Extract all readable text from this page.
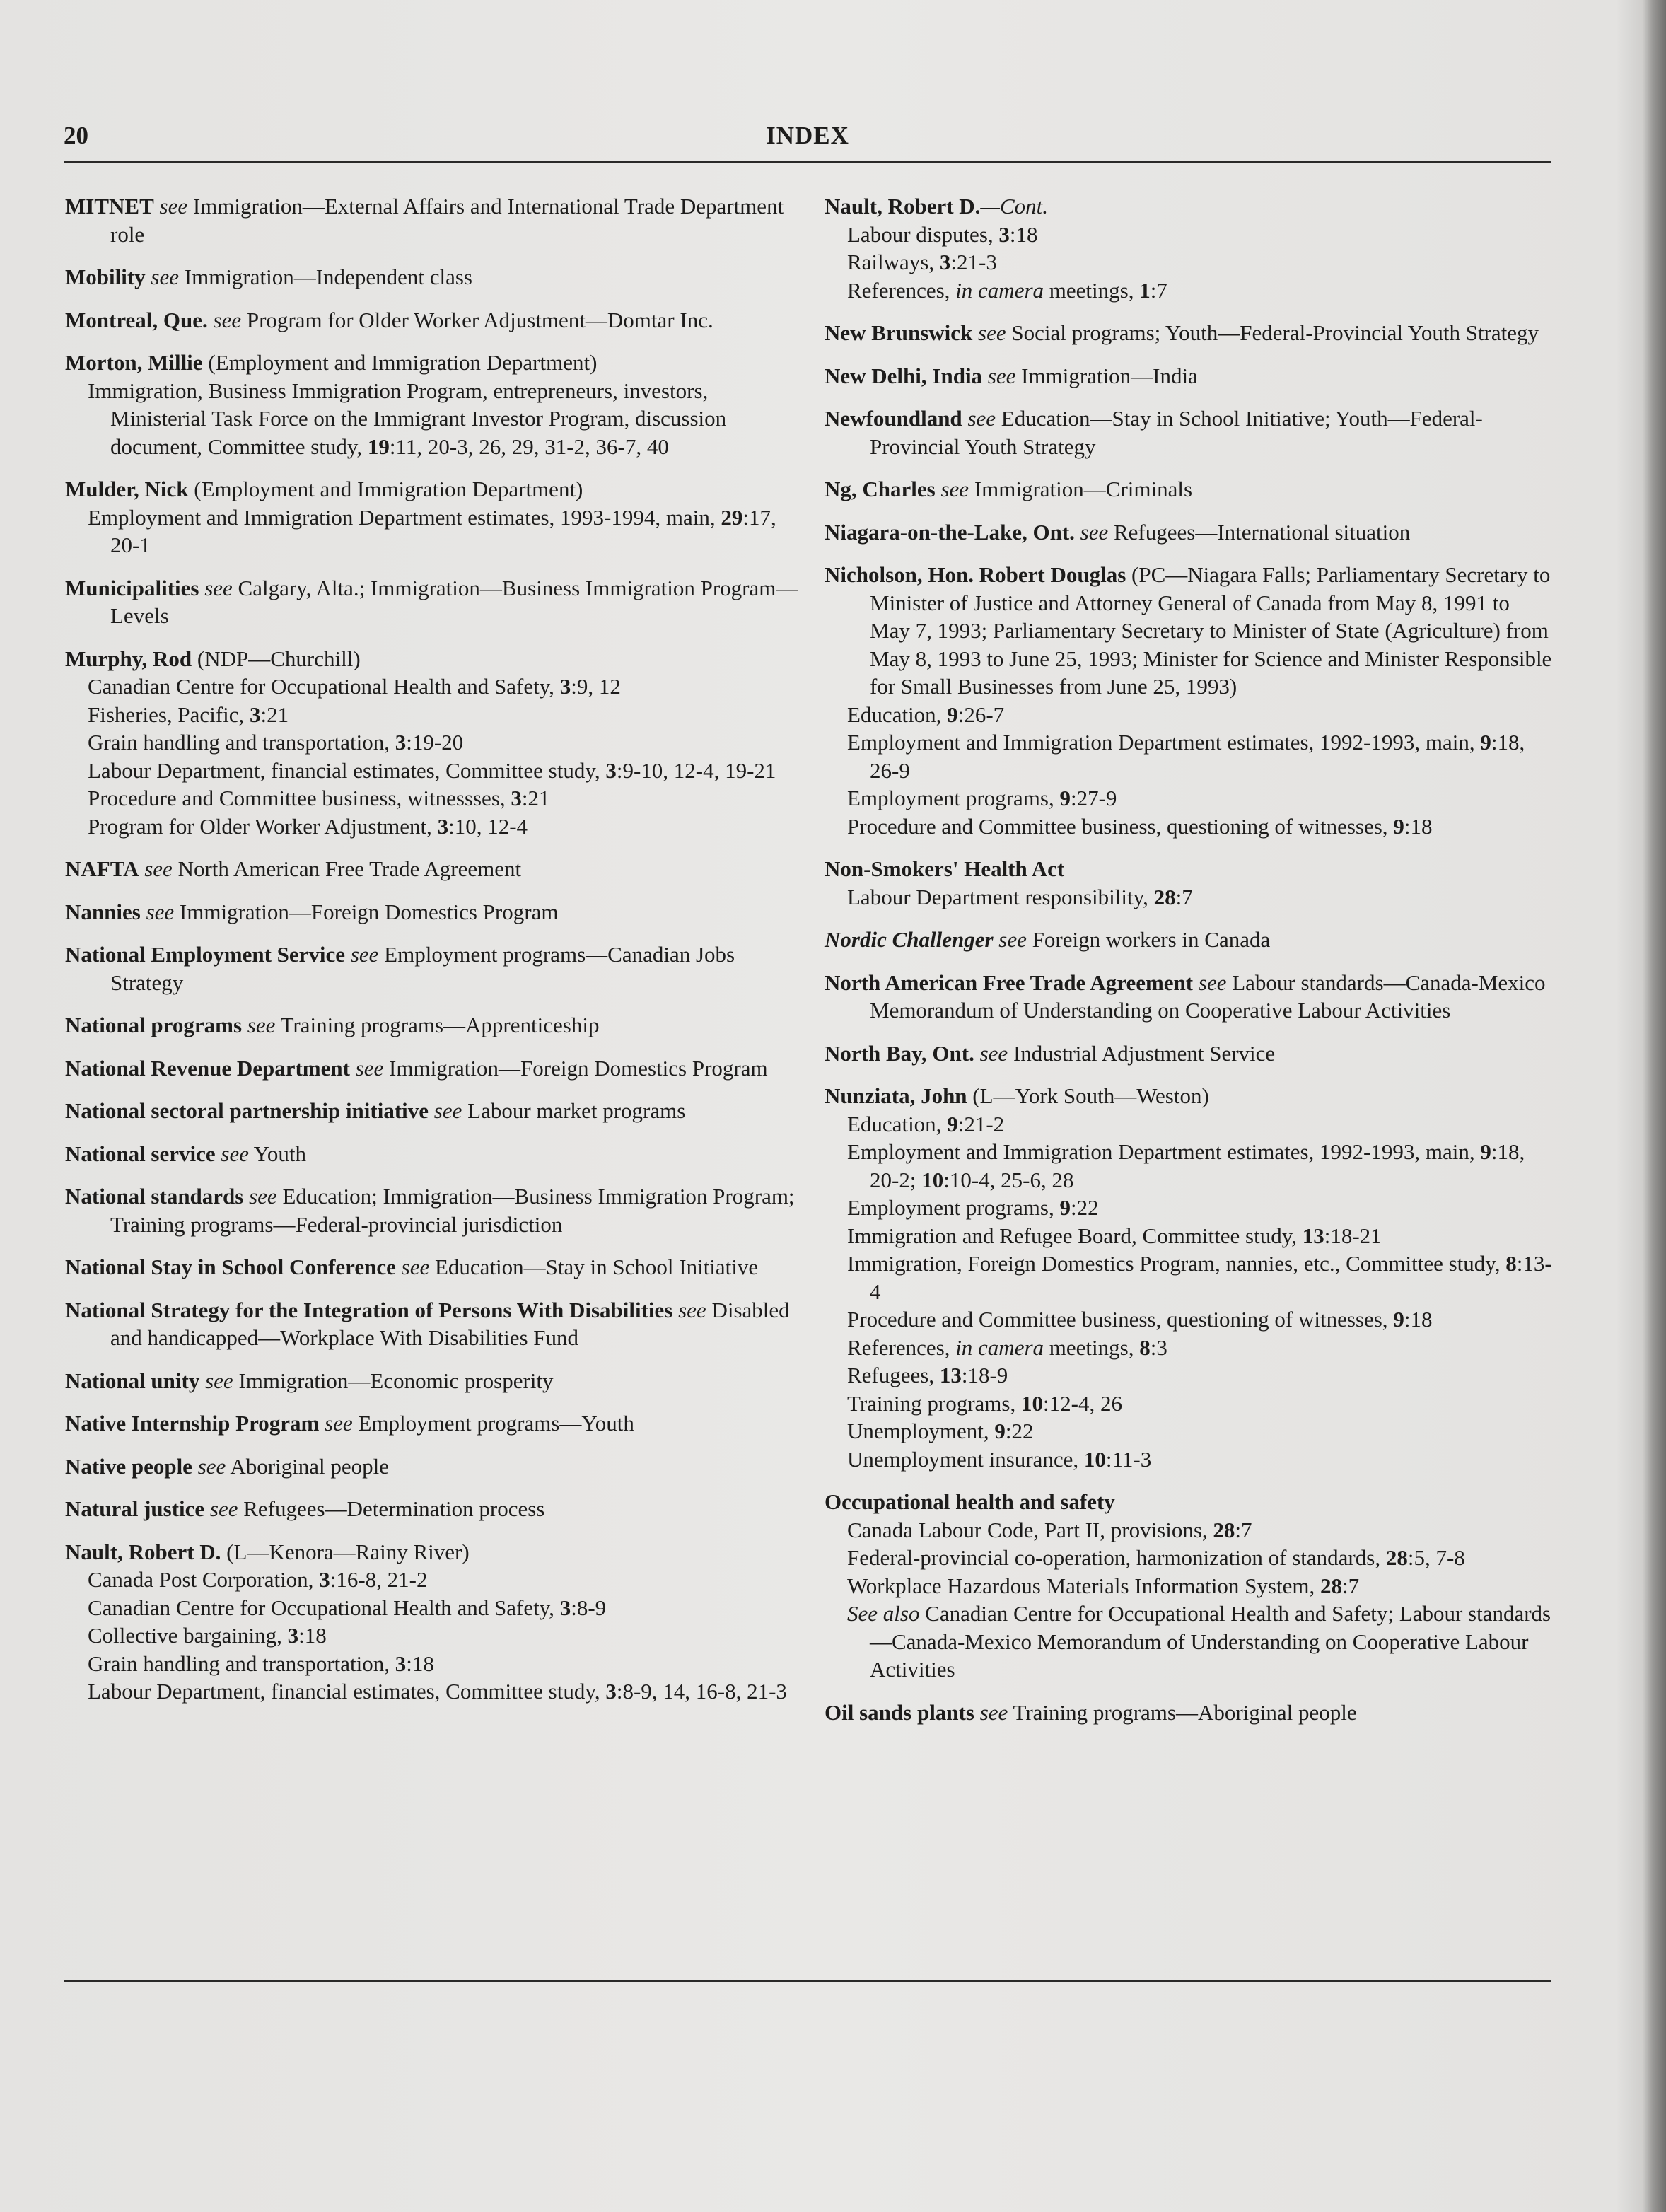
20	INDEX
MITNET see Immigration—External Affairs and International Trade Department role
Mobility see Immigration—Independent class
Montreal, Que. see Program for Older Worker Adjustment—Domtar Inc.
Morton, Millie (Employment and Immigration Department)
Immigration, Business Immigration Program, entrepreneurs, investors, Ministerial Task Force on the Immigrant Investor Program, discussion document, Committee study, 19:11, 20-3, 26, 29, 31-2, 36-7, 40
Mulder, Nick (Employment and Immigration Department)
Employment and Immigration Department estimates, 1993-1994, main, 29:17, 20-1
Municipalities see Calgary, Alta.; Immigration—Business Immigration Program—Levels
Murphy, Rod (NDP—Churchill)
Canadian Centre for Occupational Health and Safety, 3:9, 12
Fisheries, Pacific, 3:21
Grain handling and transportation, 3:19-20
Labour Department, financial estimates, Committee study, 3:9-10, 12-4, 19-21
Procedure and Committee business, witnessses, 3:21
Program for Older Worker Adjustment, 3:10, 12-4
NAFTA see North American Free Trade Agreement
Nannies see Immigration—Foreign Domestics Program
National Employment Service see Employment programs—Canadian Jobs Strategy
National programs see Training programs—Apprenticeship
National Revenue Department see Immigration—Foreign Domestics Program
National sectoral partnership initiative see Labour market programs
National service see Youth
National standards see Education; Immigration—Business Immigration Program; Training programs—Federal-provincial jurisdiction
National Stay in School Conference see Education—Stay in School Initiative
National Strategy for the Integration of Persons With Disabilities see Disabled and handicapped—Workplace With Disabilities Fund
National unity see Immigration—Economic prosperity
Native Internship Program see Employment programs—Youth
Native people see Aboriginal people
Natural justice see Refugees—Determination process
Nault, Robert D. (L—Kenora—Rainy River)
Canada Post Corporation, 3:16-8, 21-2
Canadian Centre for Occupational Health and Safety, 3:8-9
Collective bargaining, 3:18
Grain handling and transportation, 3:18
Labour Department, financial estimates, Committee study, 3:8-9, 14, 16-8, 21-3
Nault, Robert D.—Cont.
Labour disputes, 3:18
Railways, 3:21-3
References, in camera meetings, 1:7
New Brunswick see Social programs; Youth—Federal-Provincial Youth Strategy
New Delhi, India see Immigration—India
Newfoundland see Education—Stay in School Initiative; Youth—Federal-Provincial Youth Strategy
Ng, Charles see Immigration—Criminals
Niagara-on-the-Lake, Ont. see Refugees—International situation
Nicholson, Hon. Robert Douglas (PC—Niagara Falls; Parliamentary Secretary to Minister of Justice and Attorney General of Canada from May 8, 1991 to May 7, 1993; Parliamentary Secretary to Minister of State (Agriculture) from May 8, 1993 to June 25, 1993; Minister for Science and Minister Responsible for Small Businesses from June 25, 1993)
Education, 9:26-7
Employment and Immigration Department estimates, 1992-1993, main, 9:18, 26-9
Employment programs, 9:27-9
Procedure and Committee business, questioning of witnesses, 9:18
Non-Smokers' Health Act
Labour Department responsibility, 28:7
Nordic Challenger see Foreign workers in Canada
North American Free Trade Agreement see Labour standards—Canada-Mexico Memorandum of Understanding on Cooperative Labour Activities
North Bay, Ont. see Industrial Adjustment Service
Nunziata, John (L—York South—Weston)
Education, 9:21-2
Employment and Immigration Department estimates, 1992-1993, main, 9:18, 20-2; 10:10-4, 25-6, 28
Employment programs, 9:22
Immigration and Refugee Board, Committee study, 13:18-21
Immigration, Foreign Domestics Program, nannies, etc., Committee study, 8:13-4
Procedure and Committee business, questioning of witnesses, 9:18
References, in camera meetings, 8:3
Refugees, 13:18-9
Training programs, 10:12-4, 26
Unemployment, 9:22
Unemployment insurance, 10:11-3
Occupational health and safety
Canada Labour Code, Part II, provisions, 28:7
Federal-provincial co-operation, harmonization of standards, 28:5, 7-8
Workplace Hazardous Materials Information System, 28:7
See also Canadian Centre for Occupational Health and Safety; Labour standards—Canada-Mexico Memorandum of Understanding on Cooperative Labour Activities
Oil sands plants see Training programs—Aboriginal people
